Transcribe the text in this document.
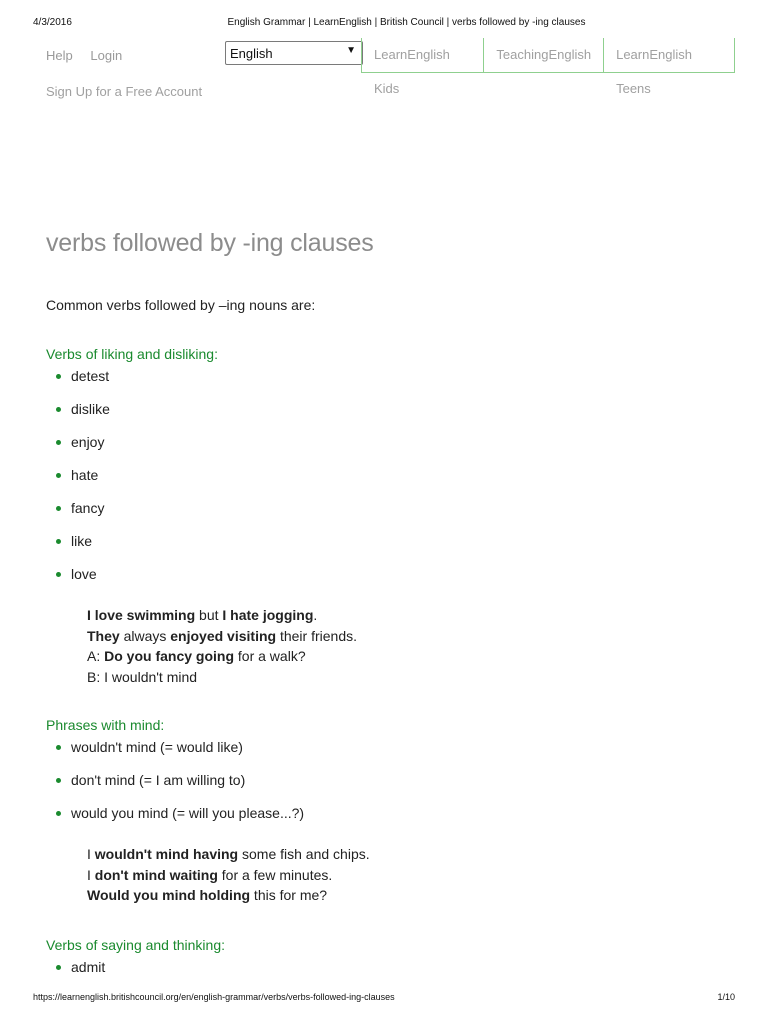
4/3/2016	English Grammar | LearnEnglish | British Council | verbs followed by -ing clauses
Help Login	English	▼	LearnEnglish Kids
TeachingEnglish	LearnEnglish Teens
Sign Up for a Free Account
verbs followed by -ing clauses

Common verbs followed by –ing nouns are:

Verbs of liking and disliking:
detest
dislike
enjoy
hate
fancy
like
love
I love swimming but I hate jogging.
They always enjoyed visiting their friends.
A: Do you fancy going for a walk?
B: I wouldn't mind
Phrases with mind:
wouldn't mind (= would like)
don't mind (= I am willing to)
would you mind (= will you please...?)
I wouldn't mind having some fish and chips.
I don't mind waiting for a few minutes.
Would you mind holding this for me?
Verbs of saying and thinking:
admit
https://learnenglish.britishcouncil.org/en/english-grammar/verbs/verbs-followed-ing-clauses	1/10
